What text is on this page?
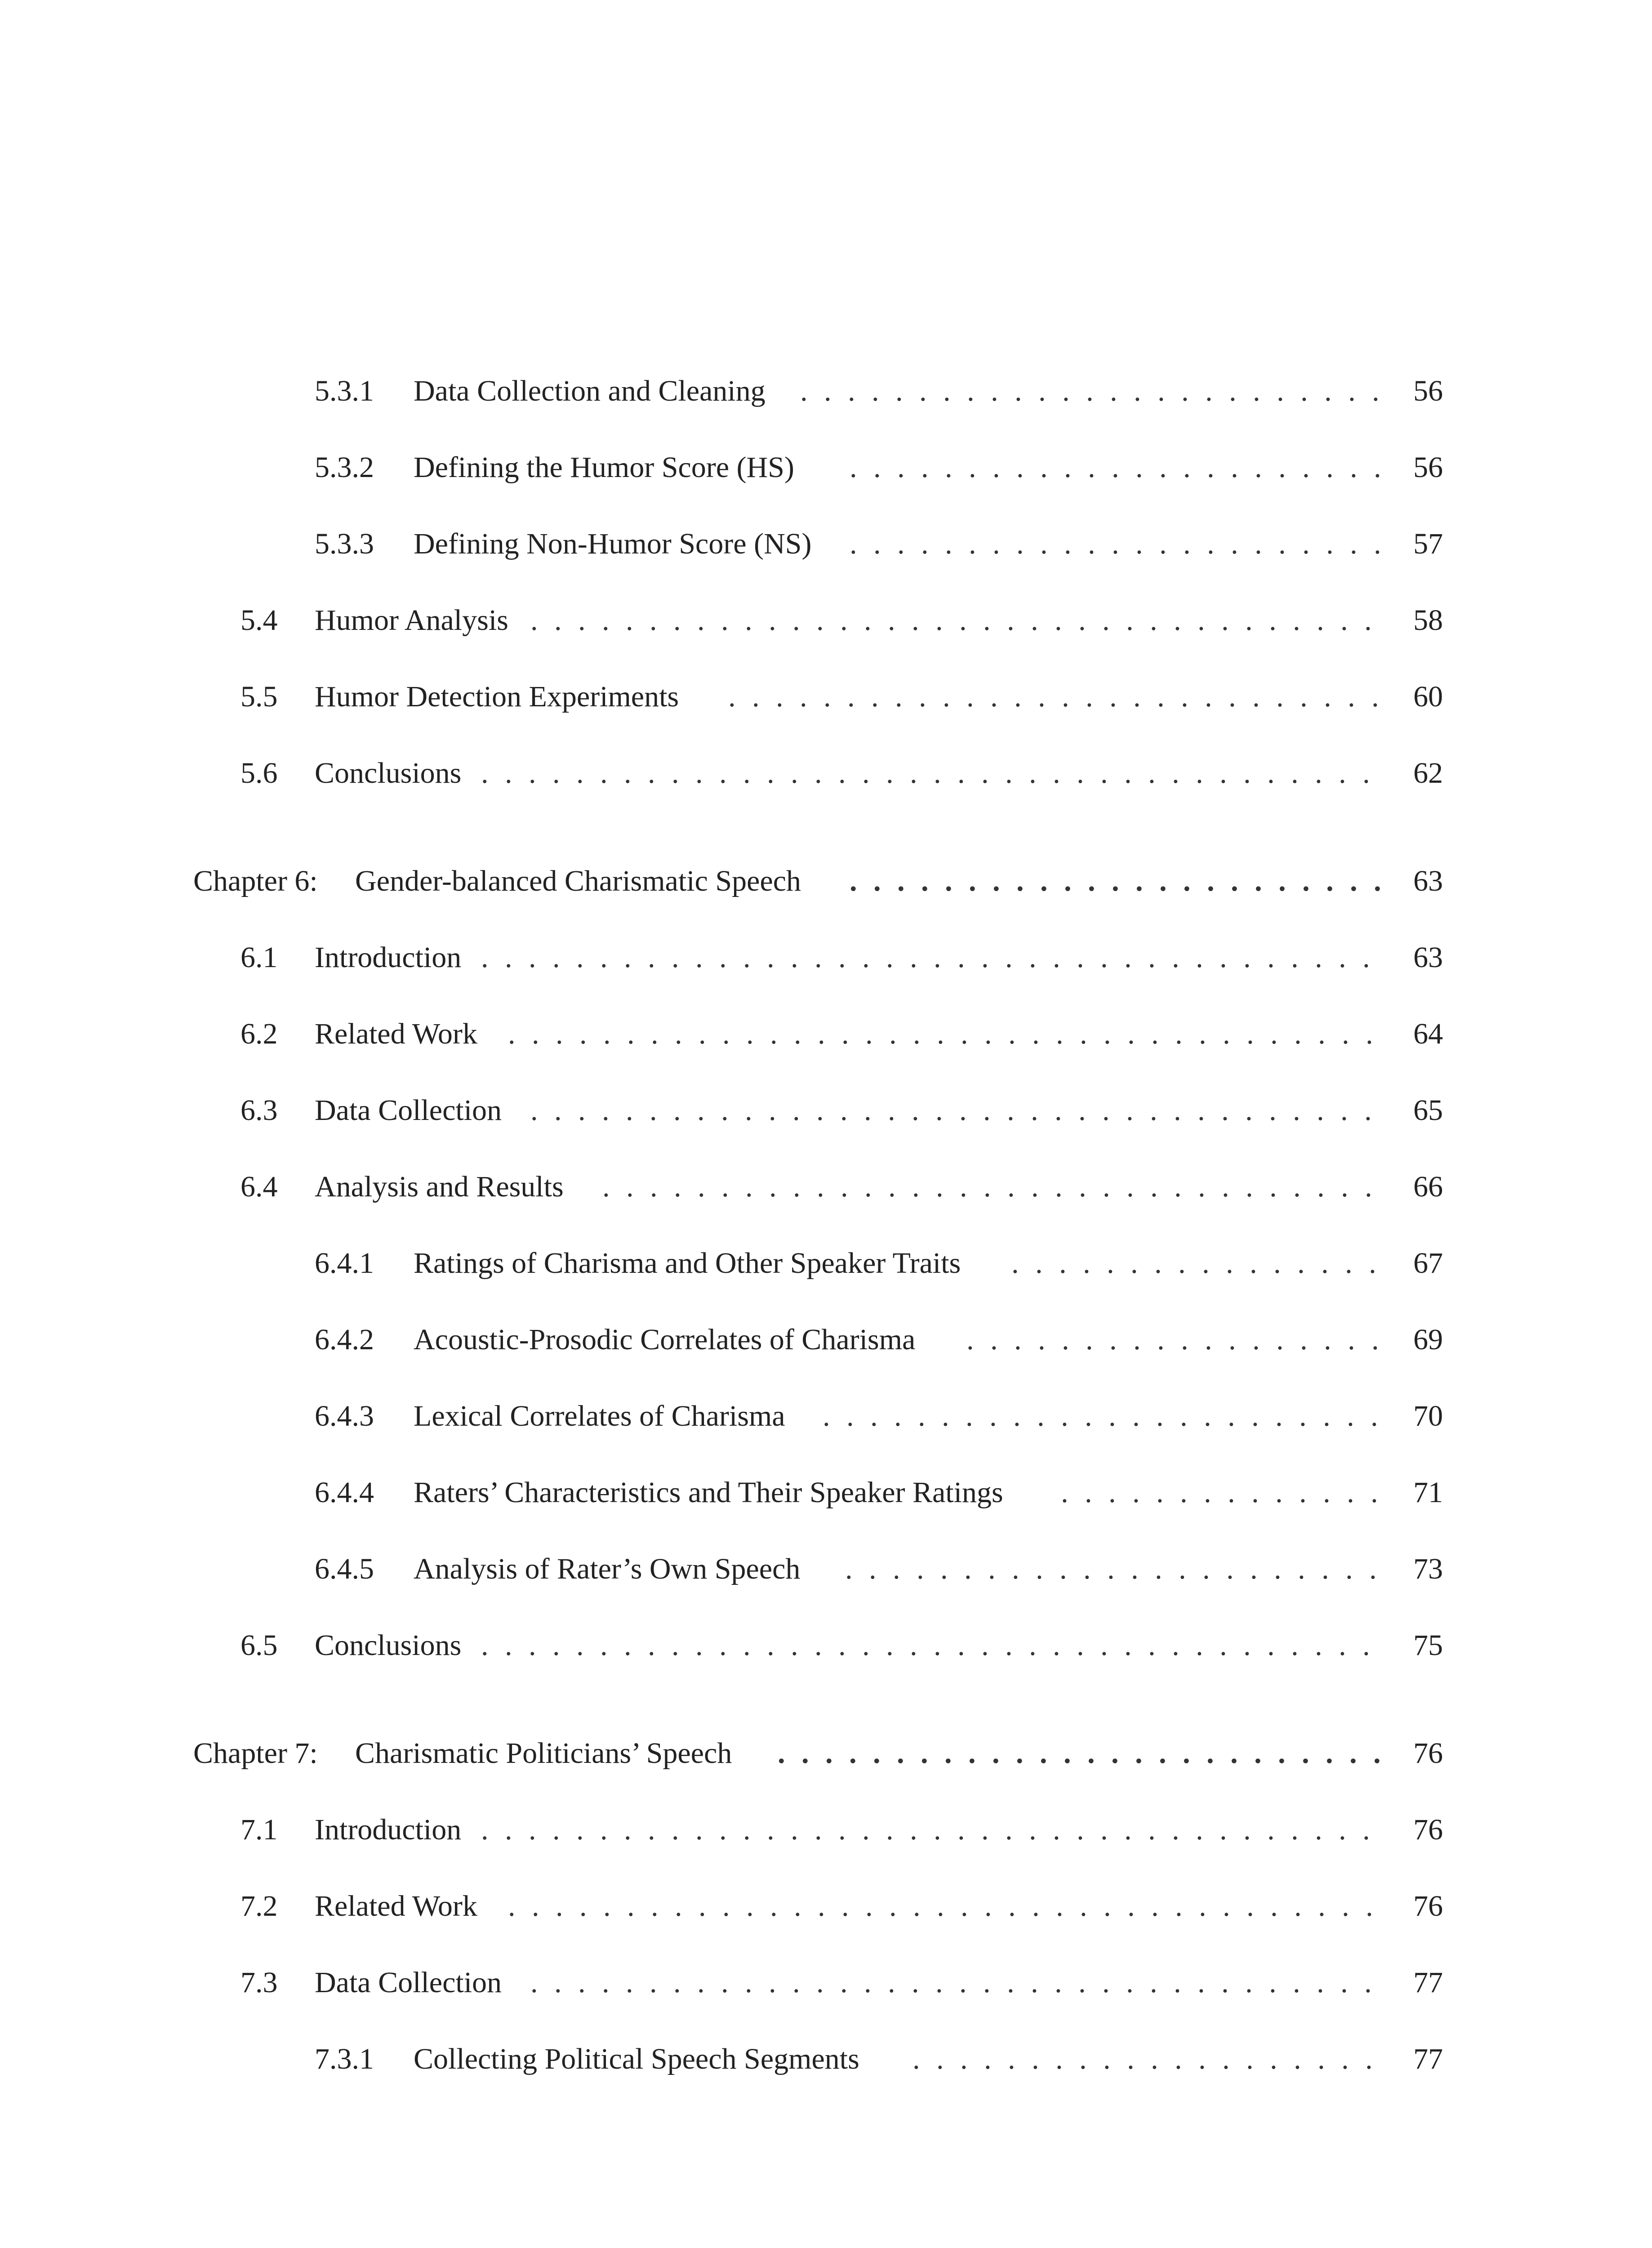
5.3.1 Data Collection and Cleaning . . .	56
5.3.2 Defining the Humor Score (HS) . . .	56
5.3.3 Defining Non-Humor Score (NS) . . .	57
5.4 Humor Analysis . . .	58
5.5 Humor Detection Experiments . . .	60
5.6 Conclusions . . .	62
Chapter 6: Gender-balanced Charismatic Speech . . .	63
6.1 Introduction . . .	63
6.2 Related Work . . .	64
6.3 Data Collection . . .	65
6.4 Analysis and Results . . .	66
6.4.1 Ratings of Charisma and Other Speaker Traits . . .	67
6.4.2 Acoustic-Prosodic Correlates of Charisma . . .	69
6.4.3 Lexical Correlates of Charisma . . .	70
6.4.4 Raters’ Characteristics and Their Speaker Ratings . . .	71
6.4.5 Analysis of Rater’s Own Speech . . .	73
6.5 Conclusions . . .	75
Chapter 7: Charismatic Politicians’ Speech . . .	76
7.1 Introduction . . .	76
7.2 Related Work . . .	76
7.3 Data Collection . . .	77
7.3.1 Collecting Political Speech Segments . . .	77
